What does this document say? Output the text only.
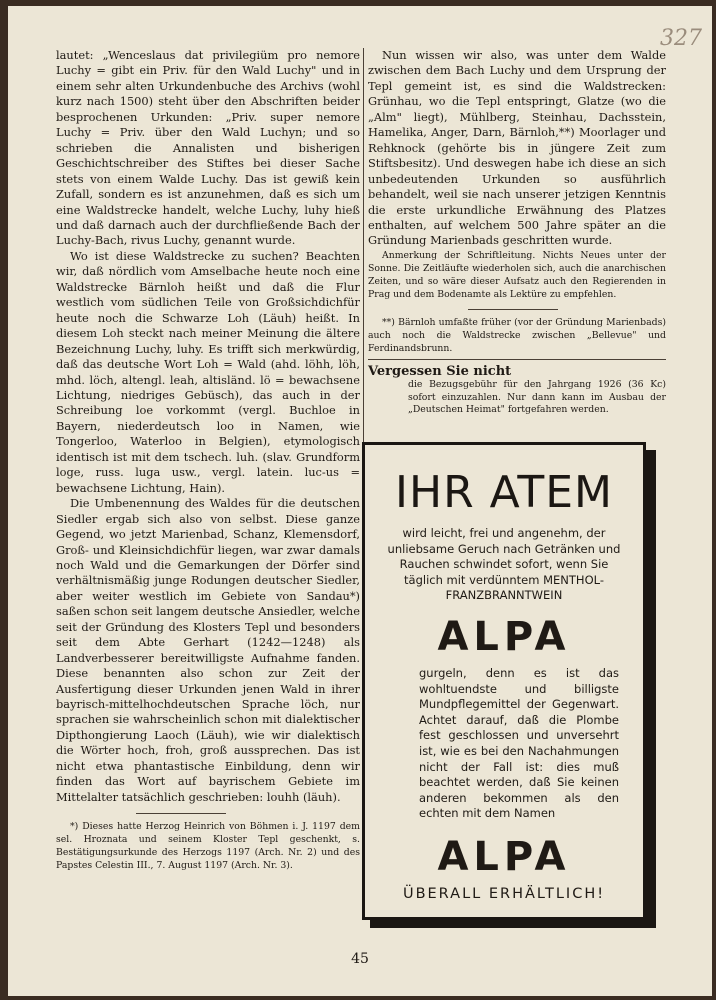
327

lautet: „Wenceslaus dat privilegiüm pro nemore Luchy = gibt ein Priv. für den Wald Luchy" und in einem sehr alten Urkundenbuche des Archivs (wohl kurz nach 1500) steht über den Abschriften beider besprochenen Urkunden: „Priv. super nemore Luchy = Priv. über den Wald Luchyn; und so schrieben die Annalisten und bisherigen Geschichtschreiber des Stiftes bei dieser Sache stets von einem Walde Luchy. Das ist gewiß kein Zufall, sondern es ist anzunehmen, daß es sich um eine Waldstrecke handelt, welche Luchy, luhy hieß und daß darnach auch der durchfließende Bach der Luchy-Bach, rivus Luchy, genannt wurde.

Wo ist diese Waldstrecke zu suchen? Beachten wir, daß nördlich vom Amselbache heute noch eine Waldstrecke Bärnloh heißt und daß die Flur westlich vom südlichen Teile von Großsichdichfür heute noch die Schwarze Loh (Läuh) heißt. In diesem Loh steckt nach meiner Meinung die ältere Bezeichnung Luchy, luhy. Es trifft sich merkwürdig, daß das deutsche Wort Loh = Wald (ahd. löhh, löh, mhd. löch, altengl. leah, altisländ. lö = bewachsene Lichtung, niedriges Gebüsch), das auch in der Schreibung loe vorkommt (vergl. Buchloe in Bayern, niederdeutsch loo in Namen, wie Tongerloo, Waterloo in Belgien), etymologisch identisch ist mit dem tschech. luh. (slav. Grundform loge, russ. luga usw., vergl. latein. luc-us = bewachsene Lichtung, Hain).

Die Umbenennung des Waldes für die deutschen Siedler ergab sich also von selbst. Diese ganze Gegend, wo jetzt Marienbad, Schanz, Klemensdorf, Groß- und Kleinsichdichfür liegen, war zwar damals noch Wald und die Gemarkungen der Dörfer sind verhältnismäßig junge Rodungen deutscher Siedler, aber weiter westlich im Gebiete von Sandau*) saßen schon seit langem deutsche Ansiedler, welche seit der Gründung des Klosters Tepl und besonders seit dem Abte Gerhart (1242—1248) als Landverbesserer bereitwilligste Aufnahme fanden. Diese benannten also schon zur Zeit der Ausfertigung dieser Urkunden jenen Wald in ihrer bayrisch-mittelhochdeutschen Sprache löch, nur sprachen sie wahrscheinlich schon mit dialektischer Dipthongierung Laoch (Läuh), wie wir dialektisch die Wörter hoch, froh, groß aussprechen. Das ist nicht etwa phantastische Einbildung, denn wir finden das Wort auf bayrischem Gebiete im Mittelalter tatsächlich geschrieben: louhh (läuh).

*) Dieses hatte Herzog Heinrich von Böhmen i. J. 1197 dem sel. Hroznata und seinem Kloster Tepl geschenkt, s. Bestätigungsurkunde des Herzogs 1197 (Arch. Nr. 2) und des Papstes Celestin III., 7. August 1197 (Arch. Nr. 3).

Nun wissen wir also, was unter dem Walde zwischen dem Bach Luchy und dem Ursprung der Tepl gemeint ist, es sind die Waldstrecken: Grünhau, wo die Tepl entspringt, Glatze (wo die „Alm" liegt), Mühlberg, Steinhau, Dachsstein, Hamelika, Anger, Darn, Bärnloh,**) Moorlager und Rehknock (gehörte bis in jüngere Zeit zum Stiftsbesitz). Und deswegen habe ich diese an sich unbedeutenden Urkunden so ausführlich behandelt, weil sie nach unserer jetzigen Kenntnis die erste urkundliche Erwähnung des Platzes enthalten, auf welchem 500 Jahre später an die Gründung Marienbads geschritten wurde.

Anmerkung der Schriftleitung. Nichts Neues unter der Sonne. Die Zeitläufte wiederholen sich, auch die anarchischen Zeiten, und so wäre dieser Aufsatz auch den Regierenden in Prag und dem Bodenamte als Lektüre zu empfehlen.

**) Bärnloh umfaßte früher (vor der Gründung Marienbads) auch noch die Waldstrecke zwischen „Bellevue" und Ferdinandsbrunn.

Vergessen Sie nicht
die Bezugsgebühr für den Jahrgang 1926 (36 Kc) sofort einzuzahlen. Nur dann kann im Ausbau der „Deutschen Heimat" fortgefahren werden.
45
IHR ATEM
wird leicht, frei und angenehm, der unliebsame Geruch nach Getränken und Rauchen schwindet sofort, wenn Sie täglich mit verdünntem MENTHOL-FRANZBRANNTWEIN
ALPA
gurgeln, denn es ist das wohltuendste und billigste Mundpflegemittel der Gegenwart. Achtet darauf, daß die Plombe fest geschlossen und unversehrt ist, wie es bei den Nachahmungen nicht der Fall ist: dies muß beachtet werden, daß Sie keinen anderen bekommen als den echten mit dem Namen
ALPA
ÜBERALL ERHÄLTLICH!
